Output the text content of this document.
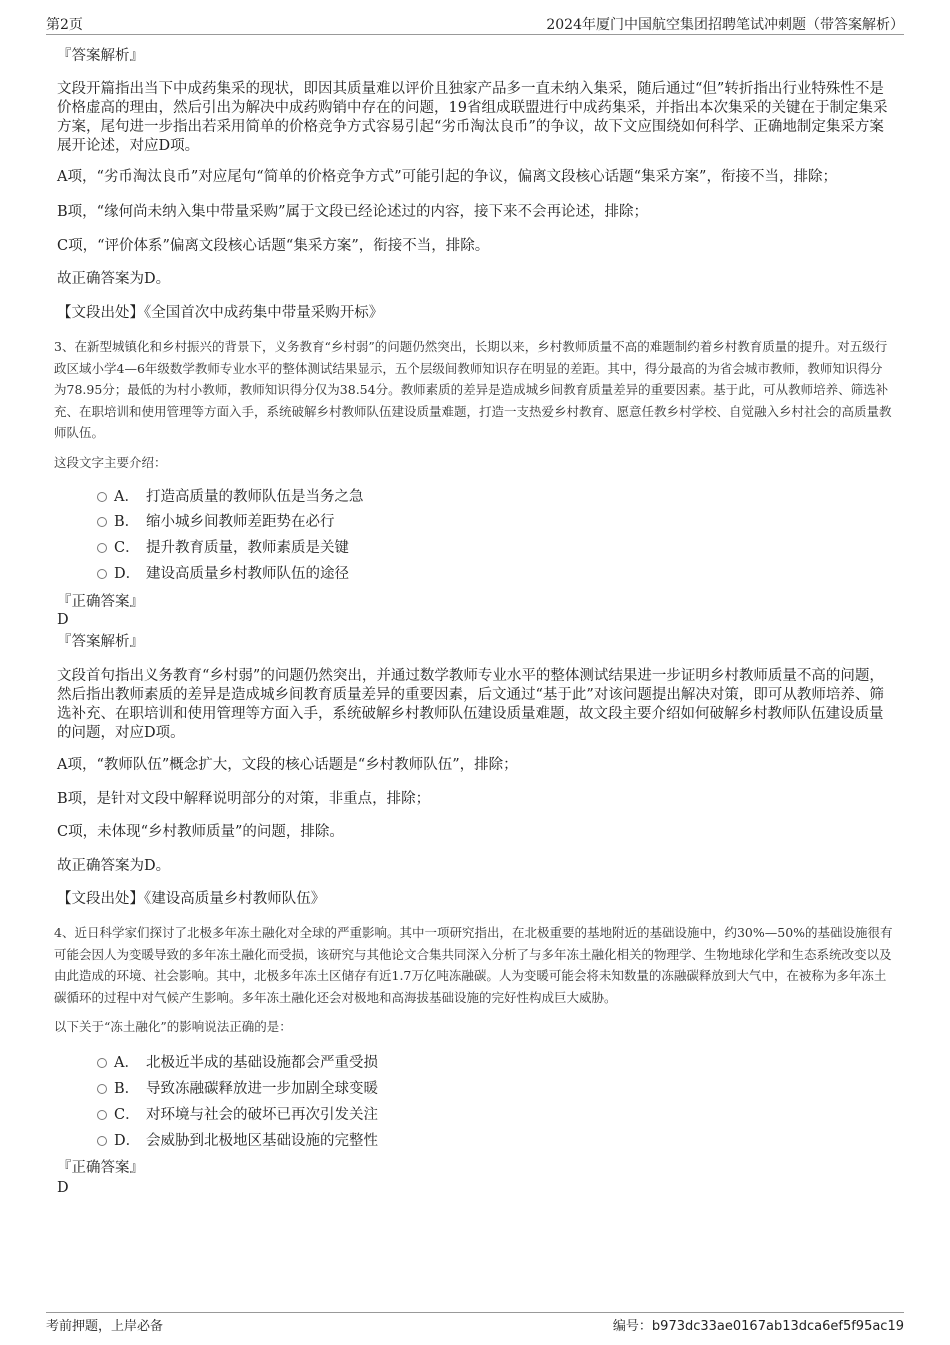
第2页	2024年厦门中国航空集团招聘笔试冲刺题（带答案解析）
『答案解析』

文段开篇指出当下中成药集采的现状，即因其质量难以评价且独家产品多一直未纳入集采，随后通过“但”转折指出行业特殊性不是价格虚高的理由，然后引出为解决中成药购销中存在的问题，19省组成联盟进行中成药集采，并指出本次集采的关键在于制定集采方案，尾句进一步指出若采用简单的价格竞争方式容易引起“劣币淘汰良币”的争议，故下文应围绕如何科学、正确地制定集采方案展开论述，对应D项。

A项，“劣币淘汰良币”对应尾句“简单的价格竞争方式”可能引起的争议，偏离文段核心话题“集采方案”，衔接不当，排除；

B项，“缘何尚未纳入集中带量采购”属于文段已经论述过的内容，接下来不会再论述，排除；

C项，“评价体系”偏离文段核心话题“集采方案”，衔接不当，排除。

故正确答案为D。

【文段出处】《全国首次中成药集中带量采购开标》

3、在新型城镇化和乡村振兴的背景下，义务教育“乡村弱”的问题仍然突出，长期以来，乡村教师质量不高的难题制约着乡村教育质量的提升。对五级行政区域小学4—6年级数学教师专业水平的整体测试结果显示，五个层级间教师知识存在明显的差距。其中，得分最高的为省会城市教师，教师知识得分为78.95分；最低的为村小教师，教师知识得分仅为38.54分。教师素质的差异是造成城乡间教育质量差异的重要因素。基于此，可从教师培养、筛选补充、在职培训和使用管理等方面入手，系统破解乡村教师队伍建设质量难题，打造一支热爱乡村教育、愿意任教乡村学校、自觉融入乡村社会的高质量教师队伍。

这段文字主要介绍：

A． 打造高质量的教师队伍是当务之急
B． 缩小城乡间教师差距势在必行
C． 提升教育质量，教师素质是关键
D． 建设高质量乡村教师队伍的途径
『正确答案』
D
『答案解析』

文段首句指出义务教育“乡村弱”的问题仍然突出，并通过数学教师专业水平的整体测试结果进一步证明乡村教师质量不高的问题，然后指出教师素质的差异是造成城乡间教育质量差异的重要因素，后文通过“基于此”对该问题提出解决对策，即可从教师培养、筛选补充、在职培训和使用管理等方面入手，系统破解乡村教师队伍建设质量难题，故文段主要介绍如何破解乡村教师队伍建设质量的问题，对应D项。

A项，“教师队伍”概念扩大，文段的核心话题是“乡村教师队伍”，排除；

B项，是针对文段中解释说明部分的对策，非重点，排除；

C项，未体现“乡村教师质量”的问题，排除。

故正确答案为D。

【文段出处】《建设高质量乡村教师队伍》

4、近日科学家们探讨了北极多年冻土融化对全球的严重影响。其中一项研究指出，在北极重要的基地附近的基础设施中，约30%—50%的基础设施很有可能会因人为变暖导致的多年冻土融化而受损，该研究与其他论文合集共同深入分析了与多年冻土融化相关的物理学、生物地球化学和生态系统改变以及由此造成的环境、社会影响。其中，北极多年冻土区储存有近1.7万亿吨冻融碳。人为变暖可能会将未知数量的冻融碳释放到大气中，在被称为多年冻土碳循环的过程中对气候产生影响。多年冻土融化还会对极地和高海拔基础设施的完好性构成巨大威胁。

以下关于“冻土融化”的影响说法正确的是：

A． 北极近半成的基础设施都会严重受损
B． 导致冻融碳释放进一步加剧全球变暖
C． 对环境与社会的破坏已再次引发关注
D． 会威胁到北极地区基础设施的完整性
『正确答案』
D
考前押题，上岸必备	编号：b973dc33ae0167ab13dca6ef5f95ac19
